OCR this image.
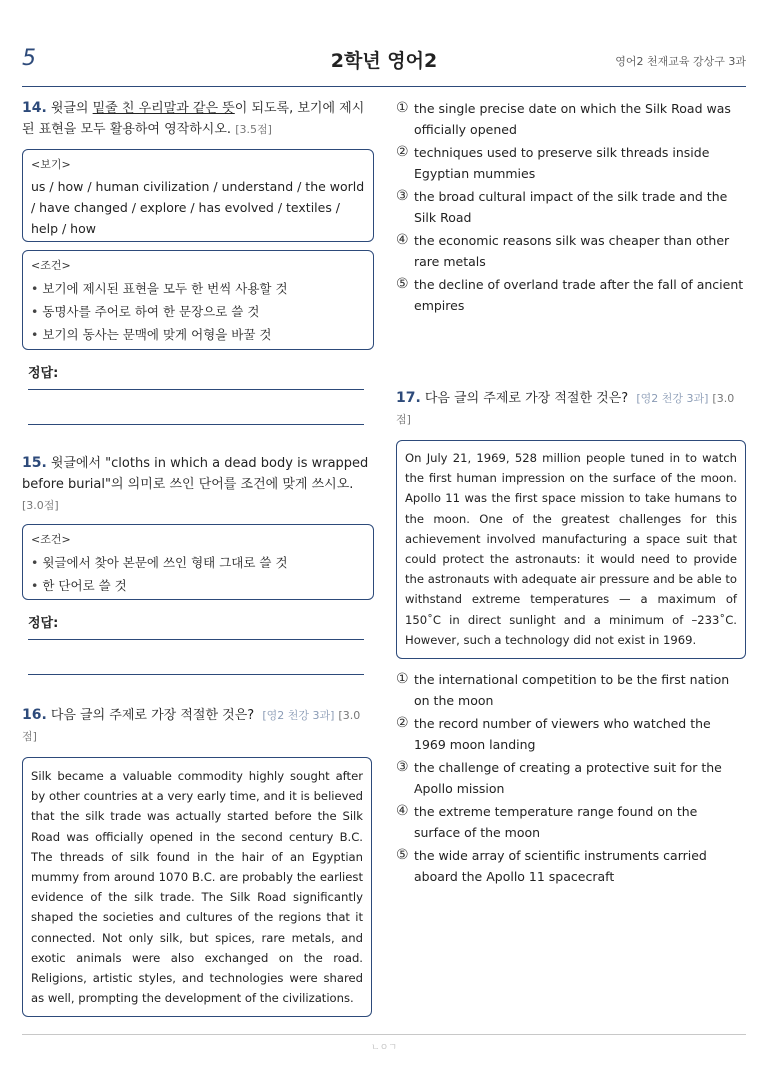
5	2학년 영어2	영어2 천재교육 강상구 3과
14. 윗글의 밑줄 친 우리말과 같은 뜻이 되도록, 보기에 제시된 표현을 모두 활용하여 영작하시오. [3.5점]
<보기>
us / how / human civilization / understand / the world / have changed / explore / has evolved / textiles / help / how
<조건>
• 보기에 제시된 표현을 모두 한 번씩 사용할 것
• 동명사를 주어로 하여 한 문장으로 쓸 것
• 보기의 동사는 문맥에 맞게 어형을 바꿀 것
정답:
15. 윗글에서 "cloths in which a dead body is wrapped before burial"의 의미로 쓰인 단어를 조건에 맞게 쓰시오. [3.0점]
<조건>
• 윗글에서 찾아 본문에 쓰인 형태 그대로 쓸 것
• 한 단어로 쓸 것
정답:
16. 다음 글의 주제로 가장 적절한 것은? [영2 천강 3과] [3.0점]
Silk became a valuable commodity highly sought after by other countries at a very early time, and it is believed that the silk trade was actually started before the Silk Road was officially opened in the second century B.C. The threads of silk found in the hair of an Egyptian mummy from around 1070 B.C. are probably the earliest evidence of the silk trade. The Silk Road significantly shaped the societies and cultures of the regions that it connected. Not only silk, but spices, rare metals, and exotic animals were also exchanged on the road. Religions, artistic styles, and technologies were shared as well, prompting the development of the civilizations.
① the single precise date on which the Silk Road was officially opened
② techniques used to preserve silk threads inside Egyptian mummies
③ the broad cultural impact of the silk trade and the Silk Road
④ the economic reasons silk was cheaper than other rare metals
⑤ the decline of overland trade after the fall of ancient empires
17. 다음 글의 주제로 가장 적절한 것은? [영2 천강 3과] [3.0점]
On July 21, 1969, 528 million people tuned in to watch the first human impression on the surface of the moon. Apollo 11 was the first space mission to take humans to the moon. One of the greatest challenges for this achievement involved manufacturing a space suit that could protect the astronauts: it would need to provide the astronauts with adequate air pressure and be able to withstand extreme temperatures — a maximum of 150˚C in direct sunlight and a minimum of –233˚C. However, such a technology did not exist in 1969.
① the international competition to be the first nation on the moon
② the record number of viewers who watched the 1969 moon landing
③ the challenge of creating a protective suit for the Apollo mission
④ the extreme temperature range found on the surface of the moon
⑤ the wide array of scientific instruments carried aboard the Apollo 11 spacecraft
ㄴㅇㄱ
